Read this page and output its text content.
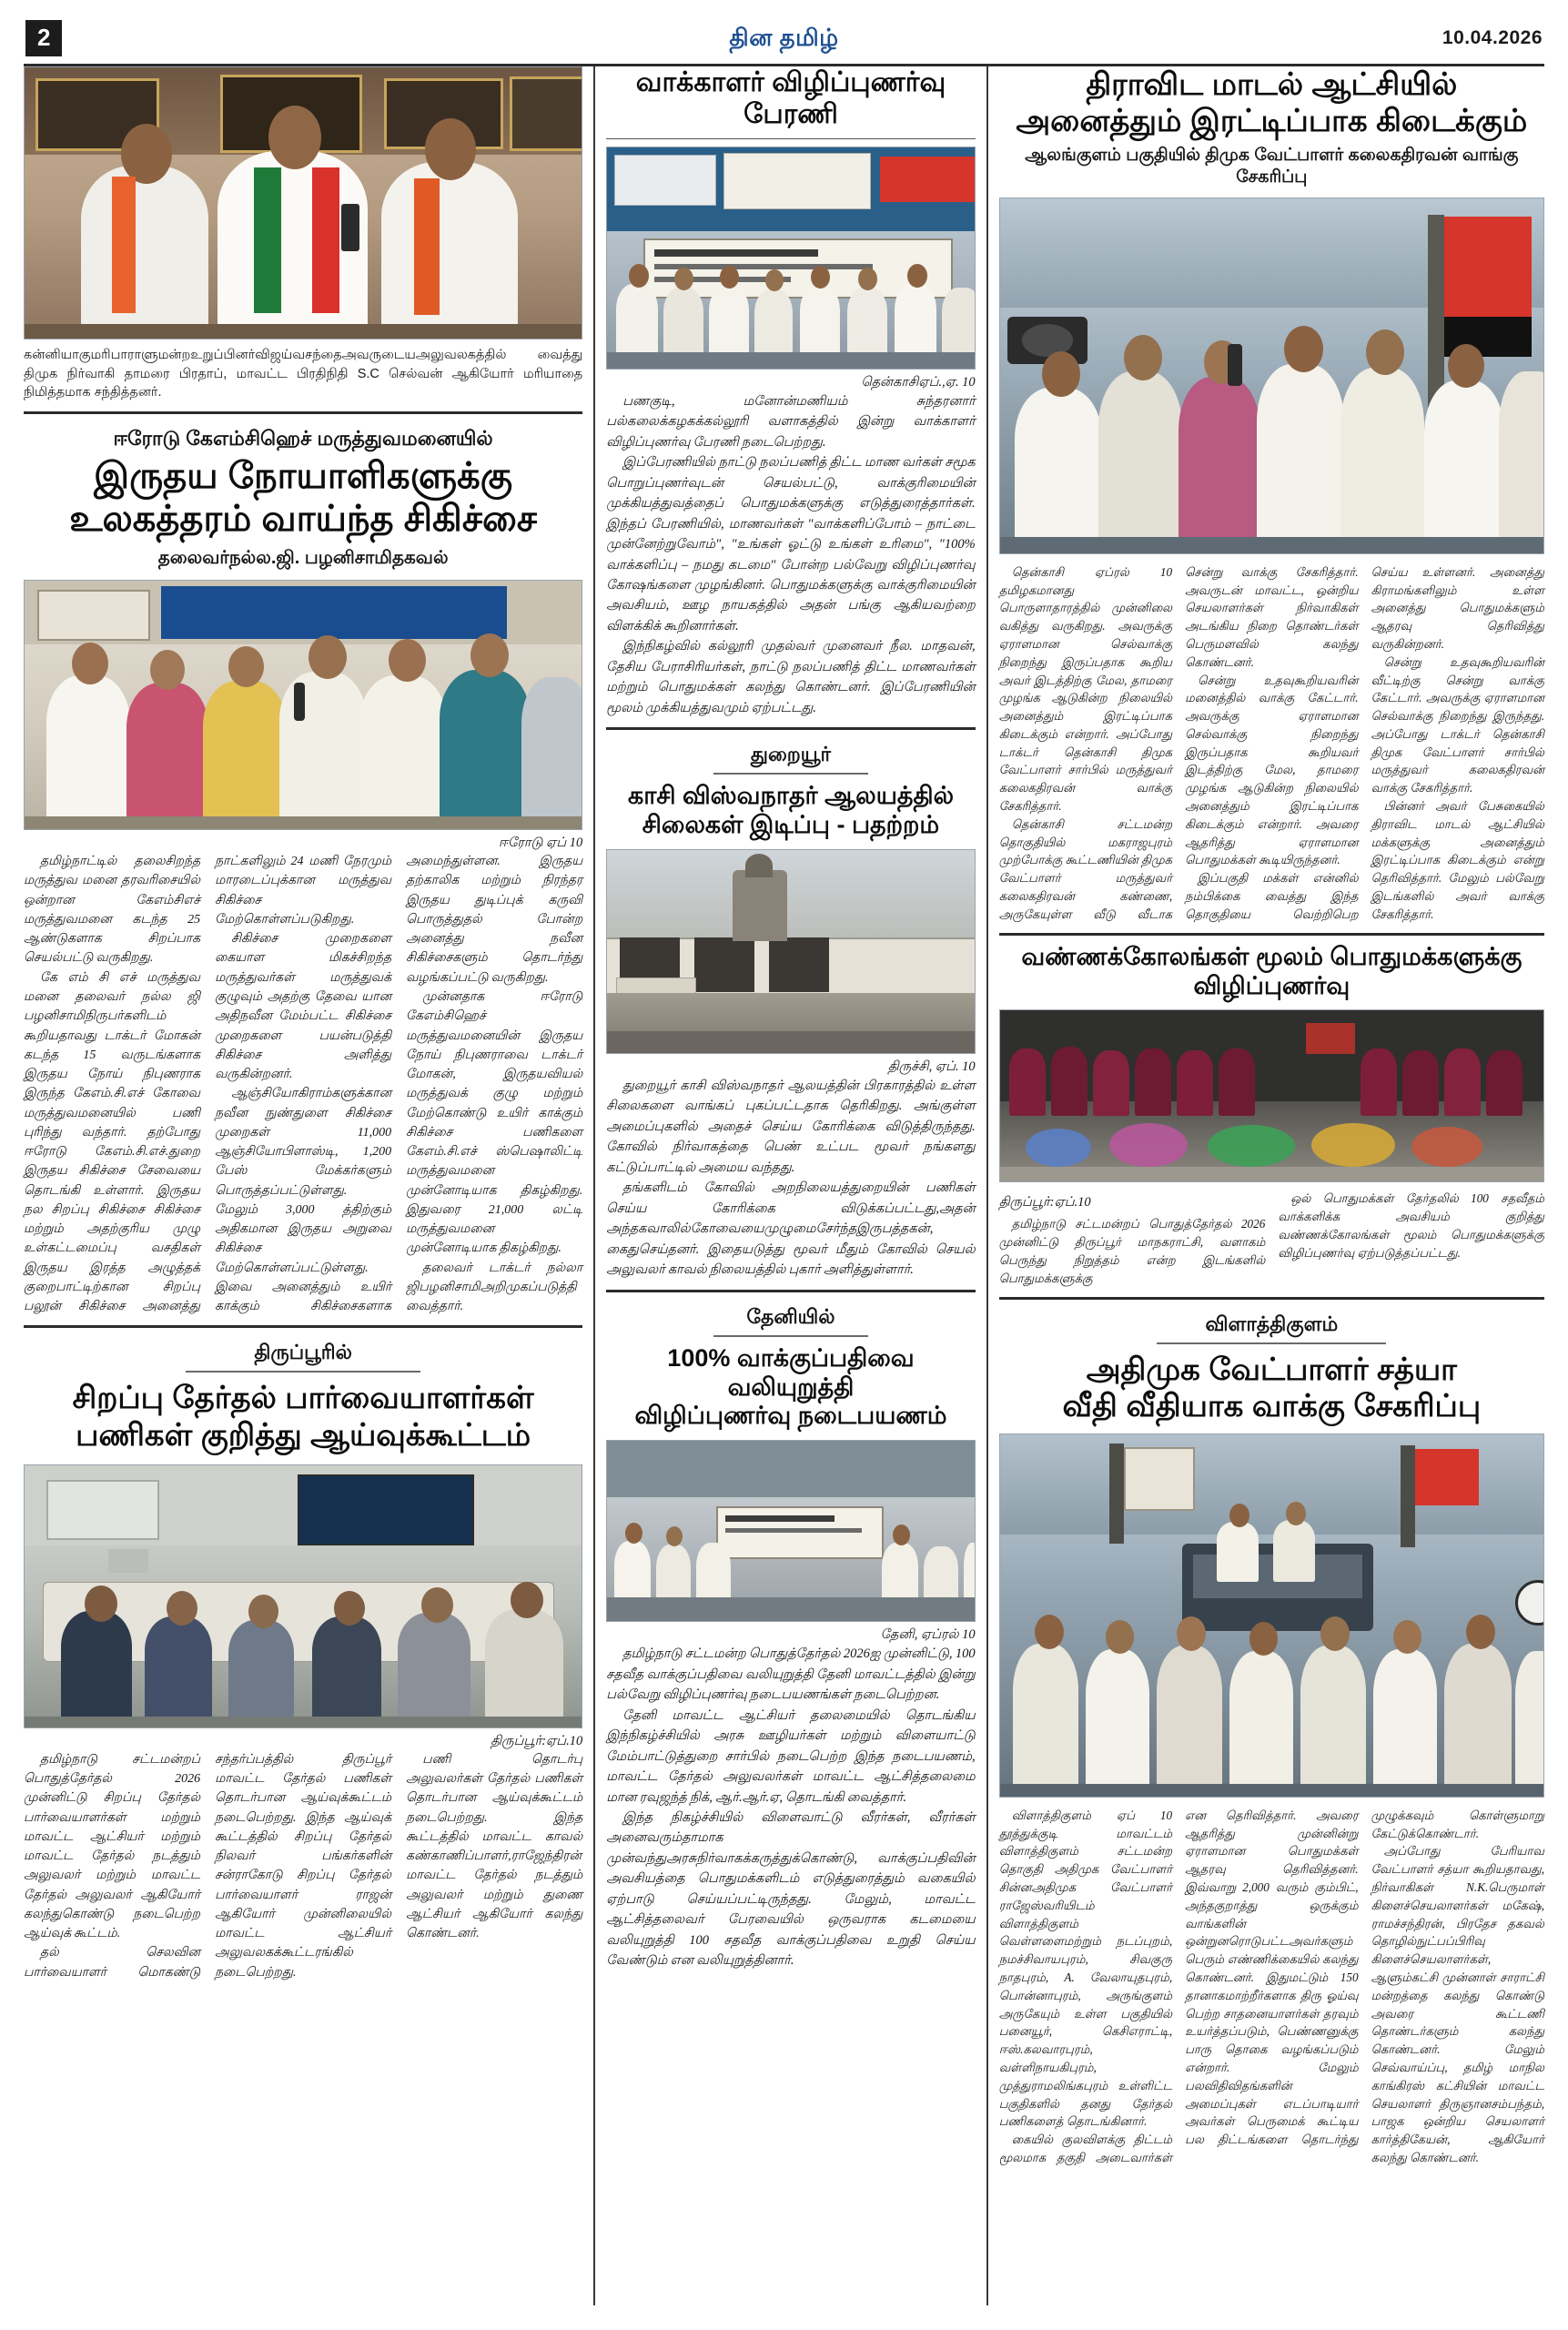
2	தின தமிழ்	10.04.2026
கன்னியாகுமரிபாராளுமன்றஉறுப்பினர்விஜய்வசந்தைஅவருடையஅலுவலகத்தில் வைத்து திமுக நிர்வாகி தாமரை பிரதாப், மாவட்ட பிரதிநிதி S.C செல்வன் ஆகியோர் மரியாதை நிமித்தமாக சந்தித்தனர்.
ஈரோடு கேஎம்சிஹெச் மருத்துவமனையில்
இருதய நோயாளிகளுக்கு
உலகத்தரம் வாய்ந்த சிகிச்சை
தலைவர்நல்ல.ஜி. பழனிசாமிதகவல்
ஈரோடு ஏப் 10

தமிழ்நாட்டில் தலைசிறந்த மருத்துவ மனை தரவரிசையில் ஒன்றான கேஎம்சிஎச் மருத்துவமனை கடந்த 25 ஆண்டுகளாக சிறப்பாக செயல்பட்டு வருகிறது.

கே எம் சி எச் மருத்துவ மனை தலைவர் நல்ல ஜி பழனிசாமிநிருபர்களிடம் கூறியதாவது டாக்டர் மோகன் கடந்த 15 வருடங்களாக இருதய நோய் நிபுணராக இருந்த கேஎம்.சி.எச் கோவை மருத்துவமனையில் பணி புரிந்து வந்தார். தற்போது ஈரோடு கேஎம்.சி.எச்.துறை இருதய சிகிச்சை சேவையை தொடங்கி உள்ளார். இருதய நல சிறப்பு சிகிச்சை சிகிச்சை மற்றும் அதற்குரிய முழு உள்கட்டமைப்பு வசதிகள் இருதய இரத்த அழுத்தக் குறைபாட்டிற்கான சிறப்பு பலூன் சிகிச்சை அனைத்து நாட்களிலும் 24 மணி நேரமும் மாரடைப்புக்கான மருத்துவ சிகிச்சை மேற்கொள்ளப்படுகிறது.

சிகிச்சை முறைகளை கையாள மிகச்சிறந்த மருத்துவர்கள் மருத்துவக் குழுவும் அதற்கு தேவை யான அதிநவீன மேம்பட்ட சிகிச்சை முறைகளை பயன்படுத்தி சிகிச்சை அளித்து வருகின்றனர்.

ஆஞ்சியோகிராம்களுக்கான நவீன நுண்துளை சிகிச்சை முறைகள் 11,000 ஆஞ்சியோபிளாஸ்டி, 1,200 பேஸ் மேக்கர்களும் பொருத்தப்பட்டுள்ளது. மேலும் 3,000 த்திற்கும் அதிகமான இருதய அறுவை சிகிச்சை மேற்கொள்ளப்பட்டுள்ளது. இவை அனைத்தும் உயிர் காக்கும் சிகிச்சைகளாக அமைந்துள்ளன. இருதய தற்காலிக மற்றும் நிரந்தர இருதய துடிப்புக் கருவி பொருத்துதல் போன்ற அனைத்து நவீன சிகிச்சைகளும் தொடர்ந்து வழங்கப்பட்டு வருகிறது.

முன்னதாக ஈரோடு கேஎம்சிஹெச் மருத்துவமனையின் இருதய நோய் நிபுணராவை டாக்டர் மோகன், இருதயவியல் மருத்துவக் குழு மற்றும் மேற்கொண்டு உயிர் காக்கும் சிகிச்சை பணிகளை கேஎம்.சி.எச் ஸ்பெஷாலிட்டி மருத்துவமனை முன்னோடியாக திகழ்கிறது. இதுவரை 21,000 லட்டி மருத்துவமனை முன்னோடியாக திகழ்கிறது.

தலைவர் டாக்டர் நல்லா ஜிபழனிசாமிஅறிமுகப்படுத்தி வைத்தார்.

திருப்பூரில்
சிறப்பு தேர்தல் பார்வையாளர்கள்
பணிகள் குறித்து ஆய்வுக்கூட்டம்
திருப்பூர்:ஏப்.10

தமிழ்நாடு சட்டமன்றப் பொதுத்தேர்தல் 2026 முன்னிட்டு சிறப்பு தேர்தல் பார்வையாளர்கள் மற்றும் மாவட்ட ஆட்சியர் மற்றும் மாவட்ட தேர்தல் நடத்தும் அலுவலர் மற்றும் மாவட்ட தேர்தல் அலுவலர் ஆகியோர் கலந்துகொண்டு நடைபெற்ற ஆய்வுக் கூட்டம்.

தல் செலவின பார்வையாளர் மொகண்டு சந்தர்ப்பத்தில் திருப்பூர் மாவட்ட தேர்தல் பணிகள் தொடர்பான ஆய்வுக்கூட்டம் நடைபெற்றது. இந்த ஆய்வுக் கூட்டத்தில் சிறப்பு தேர்தல் நிலவர் பங்கர்களின் சன்ராகோடு சிறப்பு தேர்தல் பார்வையாளர் ராஜன் ஆகியோர் முன்னிலையில் மாவட்ட ஆட்சியர் அலுவலகக்கூட்டரங்கில் நடைபெற்றது.

பணி தொடர்பு அலுவலர்கள் தேர்தல் பணிகள் தொடர்பான ஆய்வுக்கூட்டம் நடைபெற்றது. இந்த கூட்டத்தில் மாவட்ட காவல் கண்காணிப்பாளர்,ராஜேந்திரன் மாவட்ட தேர்தல் நடத்தும் அலுவலர் மற்றும் துணை ஆட்சியர் ஆகியோர் கலந்து கொண்டனர்.

வாக்காளர் விழிப்புணர்வு பேரணி
தென்காசிஏப்.,ஏ. 10

பணகுடி, மனோன்மணியம் சுந்தரனார் பல்கலைக்கழகக்கல்லூரி வளாகத்தில் இன்று வாக்காளர் விழிப்புணர்வு பேரணி நடைபெற்றது.

இப்பேரணியில் நாட்டு நலப்பணித் திட்ட மாண வர்கள் சமூக பொறுப்புணர்வுடன் செயல்பட்டு, வாக்குரிமையின் முக்கியத்துவத்தைப் பொதுமக்களுக்கு எடுத்துரைத்தார்கள். இந்தப் பேரணியில், மாணவர்கள் "வாக்களிப்போம் – நாட்டை முன்னேற்றுவோம்", "உங்கள் ஓட்டு உங்கள் உரிமை", "100% வாக்களிப்பு – நமது கடமை" போன்ற பல்வேறு விழிப்புணர்வு கோஷங்களை முழங்கினர். பொதுமக்களுக்கு வாக்குரிமையின் அவசியம், ஊழ நாயகத்தில் அதன் பங்கு ஆகியவற்றை விளக்கிக் கூறினார்கள்.

இந்நிகழ்வில் கல்லூரி முதல்வர் முனைவர் நீல. மாதவன், தேசிய பேராசிரியர்கள், நாட்டு நலப்பணித் திட்ட மாணவர்கள் மற்றும் பொதுமக்கள் கலந்து கொண்டனர். இப்பேரணியின் மூலம் முக்கியத்துவமும் ஏற்பட்டது.

துறையூர்
காசி விஸ்வநாதர் ஆலயத்தில்
சிலைகள் இடிப்பு - பதற்றம்
திருச்சி, ஏப். 10

துறையூர் காசி விஸ்வநாதர் ஆலயத்தின் பிரகாரத்தில் உள்ள சிலைகளை வாங்கப் புகப்பட்டதாக தெரிகிறது. அங்குள்ள அமைப்புகளில் அதைச் செய்ய கோரிக்கை விடுத்திருந்தது. கோவில் நிர்வாகத்தை பெண் உட்பட மூவர் நங்களது கட்டுப்பாட்டில் அமைய வந்தது.

தங்களிடம் கோவில் அறநிலையத்துறையின் பணிகள் செய்ய கோரிக்கை விடுக்கப்பட்டது,அதன் அந்தகவாலில்கோவையைமுழுமைசேர்ந்தஇருபத்தகன், கைதுசெய்தனர். இதையடுத்து மூவர் மீதும் கோவில் செயல் அலுவலர் காவல் நிலையத்தில் புகார் அளித்துள்ளார்.

தேனியில்
100% வாக்குப்பதிவை வலியுறுத்தி
விழிப்புணர்வு நடைபயணம்
தேனி, ஏப்ரல் 10

தமிழ்நாடு சட்டமன்ற பொதுத்தேர்தல் 2026ஐ முன்னிட்டு, 100 சதவீத வாக்குப்பதிவை வலியுறுத்தி தேனி மாவட்டத்தில் இன்று பல்வேறு விழிப்புணர்வு நடைபயணங்கள் நடைபெற்றன.

தேனி மாவட்ட ஆட்சியர் தலைமையில் தொடங்கிய இந்நிகழ்ச்சியில் அரசு ஊழியர்கள் மற்றும் விளையாட்டு மேம்பாட்டுத்துறை சார்பில் நடைபெற்ற இந்த நடைபயணம், மாவட்ட தேர்தல் அலுவலர்கள் மாவட்ட ஆட்சித்தலைமை மான ரவுஜந்த் நிக், ஆர்.ஆர்.ஏ, தொடங்கி வைத்தார்.

இந்த நிகழ்ச்சியில் விளைவாட்டு வீரர்கள், வீரர்கள் அனைவரும்தாமாக முன்வந்துஅரசுநிர்வாகக்கருத்துக்கொண்டு, வாக்குப்பதிவின் அவசியத்தை பொதுமக்களிடம் எடுத்துரைத்தும் வகையில் ஏற்பாடு செய்யப்பட்டிருந்தது. மேலும், மாவட்ட ஆட்சித்தலைவர் பேரவையில் ஒருவராக கடமையை வலியுறுத்தி 100 சதவீத வாக்குப்பதிவை உறுதி செய்ய வேண்டும் என வலியுறுத்தினார்.

திராவிட மாடல் ஆட்சியில்
அனைத்தும் இரட்டிப்பாக கிடைக்கும்
ஆலங்குளம் பகுதியில் திமுக வேட்பாளர் கலைகதிரவன் வாங்கு சேகரிப்பு

தென்காசி ஏப்ரல் 10 தமிழகமானது பொருளாதாரத்தில் முன்னிலை வகித்து வருகிறது. அவருக்கு ஏராளமான செல்வாக்கு நிறைந்து இருப்பதாக கூறிய அவர் இடத்திற்கு மேல, தாமரை முழங்க ஆடுகின்ற நிலையில் அனைத்தும் இரட்டிப்பாக கிடைக்கும் என்றார். அப்போது டாக்டர் தென்காசி திமுக வேட்பாளர் சார்பில் மருத்துவர் கலைகதிரவன் வாக்கு சேகரித்தார்.

தென்காசி சட்டமன்ற தொகுதியில் மகராஜபுரம் முற்போக்கு கூட்டணியின் திமுக வேட்பாளர் மருத்துவர் கலைகதிரவன் கண்ணை, அருகேயுள்ள வீடு வீடாக சென்று வாக்கு சேகரித்தார். அவருடன் மாவட்ட, ஒன்றிய செயலாளர்கள் நிர்வாகிகள் அடங்கிய நிறை தொண்டர்கள் பெருமளவில் கலந்து கொண்டனர்.

சென்று உதவுகூறியவரின் மனைத்தில் வாக்கு கேட்டார். அவருக்கு ஏராளமான செல்வாக்கு நிறைந்து இருப்பதாக கூறியவர் இடத்திற்கு மேல, தாமரை முழங்க ஆடுகின்ற நிலையில் அனைத்தும் இரட்டிப்பாக கிடைக்கும் என்றார். அவரை ஆதரித்து ஏராளமான பொதுமக்கள் கூடியிருந்தனர்.

இப்பகுதி மக்கள் என்னில் நம்பிக்கை வைத்து இந்த தொகுதியை வெற்றிபெற செய்ய உள்ளனர். அனைத்து கிராமங்களிலும் உள்ள அனைத்து பொதுமக்களும் ஆதரவு தெரிவித்து வருகின்றனர்.

சென்று உதவுகூறியவரின் வீட்டிற்கு சென்று வாக்கு கேட்டார். அவருக்கு ஏராளமான செல்வாக்கு நிறைந்து இருந்தது. அப்போது டாக்டர் தென்காசி திமுக வேட்பாளர் சார்பில் மருத்துவர் கலைகதிரவன் வாக்கு சேகரித்தார்.

பின்னர் அவர் பேசுகையில் திராவிட மாடல் ஆட்சியில் மக்களுக்கு அனைத்தும் இரட்டிப்பாக கிடைக்கும் என்று தெரிவித்தார். மேலும் பல்வேறு இடங்களில் அவர் வாக்கு சேகரித்தார்.

வண்ணக்கோலங்கள் மூலம் பொதுமக்களுக்கு விழிப்புணர்வு
திருப்பூர்:ஏப்.10

தமிழ்நாடு சட்டமன்றப் பொதுத்தேர்தல் 2026 முன்னிட்டு திருப்பூர் மாநகராட்சி, வளாகம் பெருந்து நிறுத்தம் என்ற இடங்களில் பொதுமக்களுக்கு

ஒல் பொதுமக்கள் தேர்தலில் 100 சதவீதம் வாக்களிக்க அவசியம் குறித்து வண்ணக்கோலங்கள் மூலம் பொதுமக்களுக்கு விழிப்புணர்வு ஏற்படுத்தப்பட்டது.

விளாத்திகுளம்
அதிமுக வேட்பாளர் சத்யா
வீதி வீதியாக வாக்கு சேகரிப்பு

விளாத்திகுளம் ஏப் 10 தூத்துக்குடி மாவட்டம் விளாத்திகுளம் சட்டமன்ற தொகுதி அதிமுக வேட்பாளர் சின்னஅதிமுக வேட்பாளர் ராஜேஸ்வரியிடம் விளாத்திகுளம் வெள்ளளைமற்றும் நடப்புறம், நமச்சிவாயபுரம், சிவகுரு நாதபுரம், A. வேலாயுதபுரம், பொன்னாபுரம், அருங்குளம் அருகேயும் உள்ள பகுதியில் பனையூர், கெசிஎராட்டி, ஈஸ்.கலவாரபுரம், வள்ளிநாயகிபுரம், முத்துராமலிங்கபுரம் உள்ளிட்ட பகுதிகளில் தனது தேர்தல் பணிகளைத் தொடங்கினார்.

கையில் குலவிளக்கு திட்டம் மூலமாக தகுதி அடைவார்கள் என தெரிவித்தார். அவரை ஆதரித்து முன்னின்று ஏராளமான பொதுமக்கள் ஆதரவு தெரிவித்தனர். இவ்வாறு 2,000 வரும் கும்பிட், அந்தகுறாத்து ஒருக்கும் வாங்களின் ஒன்றுனரொடுபட்டஅவர்களும் பெரும் எண்ணிக்கையில் கலந்து கொண்டனர். இதுமட்டும் 150 தானாகமாற்றீர்களாக திரு ஓய்வு பெற்ற சாதனையாளர்கள் தரவும் உயர்த்தப்படும், பெண்ணனுக்கு பாரு தொகை வழங்கப்படும் என்றார். மேலும் பலவிதிவிதங்களின் அமைப்புகள் எடப்பாடியார் அவர்கள் பெருமைக் கூட்டிய பல திட்டங்களை தொடர்ந்து முழுக்கவும் கொள்ளுமாறு கேட்டுக்கொண்டார்.

அப்போது பேரியாவ வேட்பாளர் சத்யா கூறியதாவது, நிர்வாகிகள் N.K.பெருமாள் கிளைச்செயலாளர்கள் மகேஷ், ராமச்சந்திரன், பிரதேச தகவல் தொழில்நுட்பப்பிரிவு கிளைச்செயலாளர்கள், ஆளும்கட்சி முன்னாள் சாராட்சி மன்றத்தை கலந்து கொண்டு அவரை கூட்டணி தொண்டர்களும் கலந்து கொண்டனர். மேலும் செவ்வாய்ப்பு, தமிழ் மாநில காங்கிரஸ் கட்சியின் மாவட்ட செயலாளர் திருஞானசம்பந்தம், பாஜக ஒன்றிய செயலாளர் கார்த்திகேயன், ஆகியோர் கலந்து கொண்டனர்.
